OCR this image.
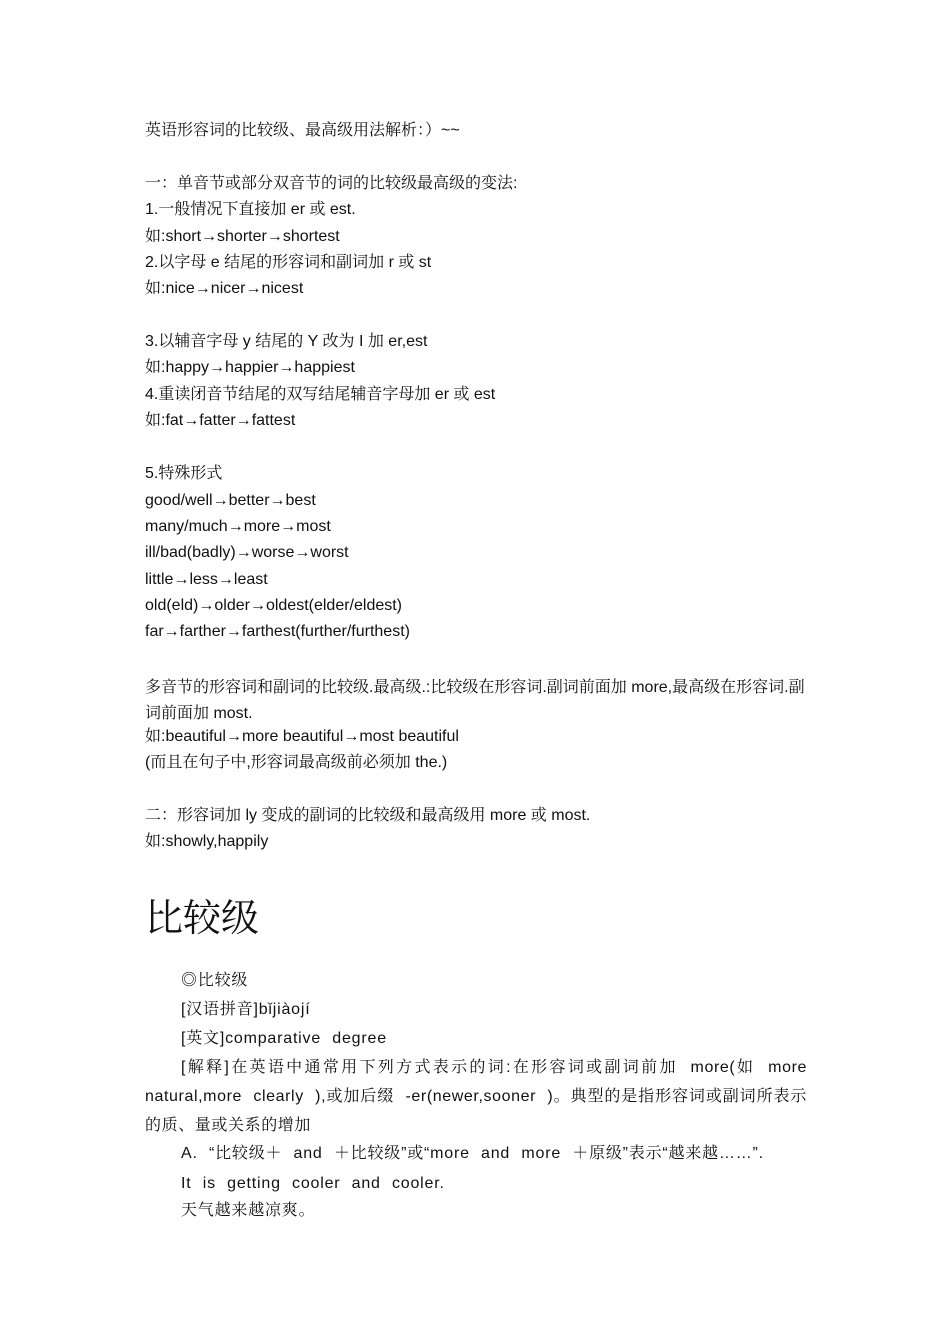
英语形容词的比较级、最高级用法解析：）~~
一：单音节或部分双音节的词的比较级最高级的变法:
1.一般情况下直接加 er 或 est.
如:short→shorter→shortest
2.以字母 e 结尾的形容词和副词加 r 或 st
如:nice→nicer→nicest
3.以辅音字母 y 结尾的 Y 改为 I 加 er,est
如:happy→happier→happiest
4.重读闭音节结尾的双写结尾辅音字母加 er 或 est
如:fat→fatter→fattest
5.特殊形式
good/well→better→best
many/much→more→most
ill/bad(badly)→worse→worst
little→less→least
old(eld)→older→oldest(elder/eldest)
far→farther→farthest(further/furthest)
多音节的形容词和副词的比较级.最高级.:比较级在形容词.副词前面加 more,最高级在形容词.副词前面加 most.
如:beautiful→more beautiful→most beautiful
(而且在句子中,形容词最高级前必须加 the.)
二：形容词加 ly 变成的副词的比较级和最高级用 more 或 most.
如:showly,happily
比较级
◎比较级
[汉语拼音]bǐjiàojí
[英文]comparative degree
[解释]在英语中通常用下列方式表示的词:在形容词或副词前加 more(如 more natural,more clearly ),或加后缀 -er(newer,sooner )。典型的是指形容词或副词所表示的质、量或关系的增加
A. “比较级＋ and ＋比较级”或“more and more ＋原级”表示“越来越……”.
It is getting cooler and cooler.
天气越来越凉爽。
